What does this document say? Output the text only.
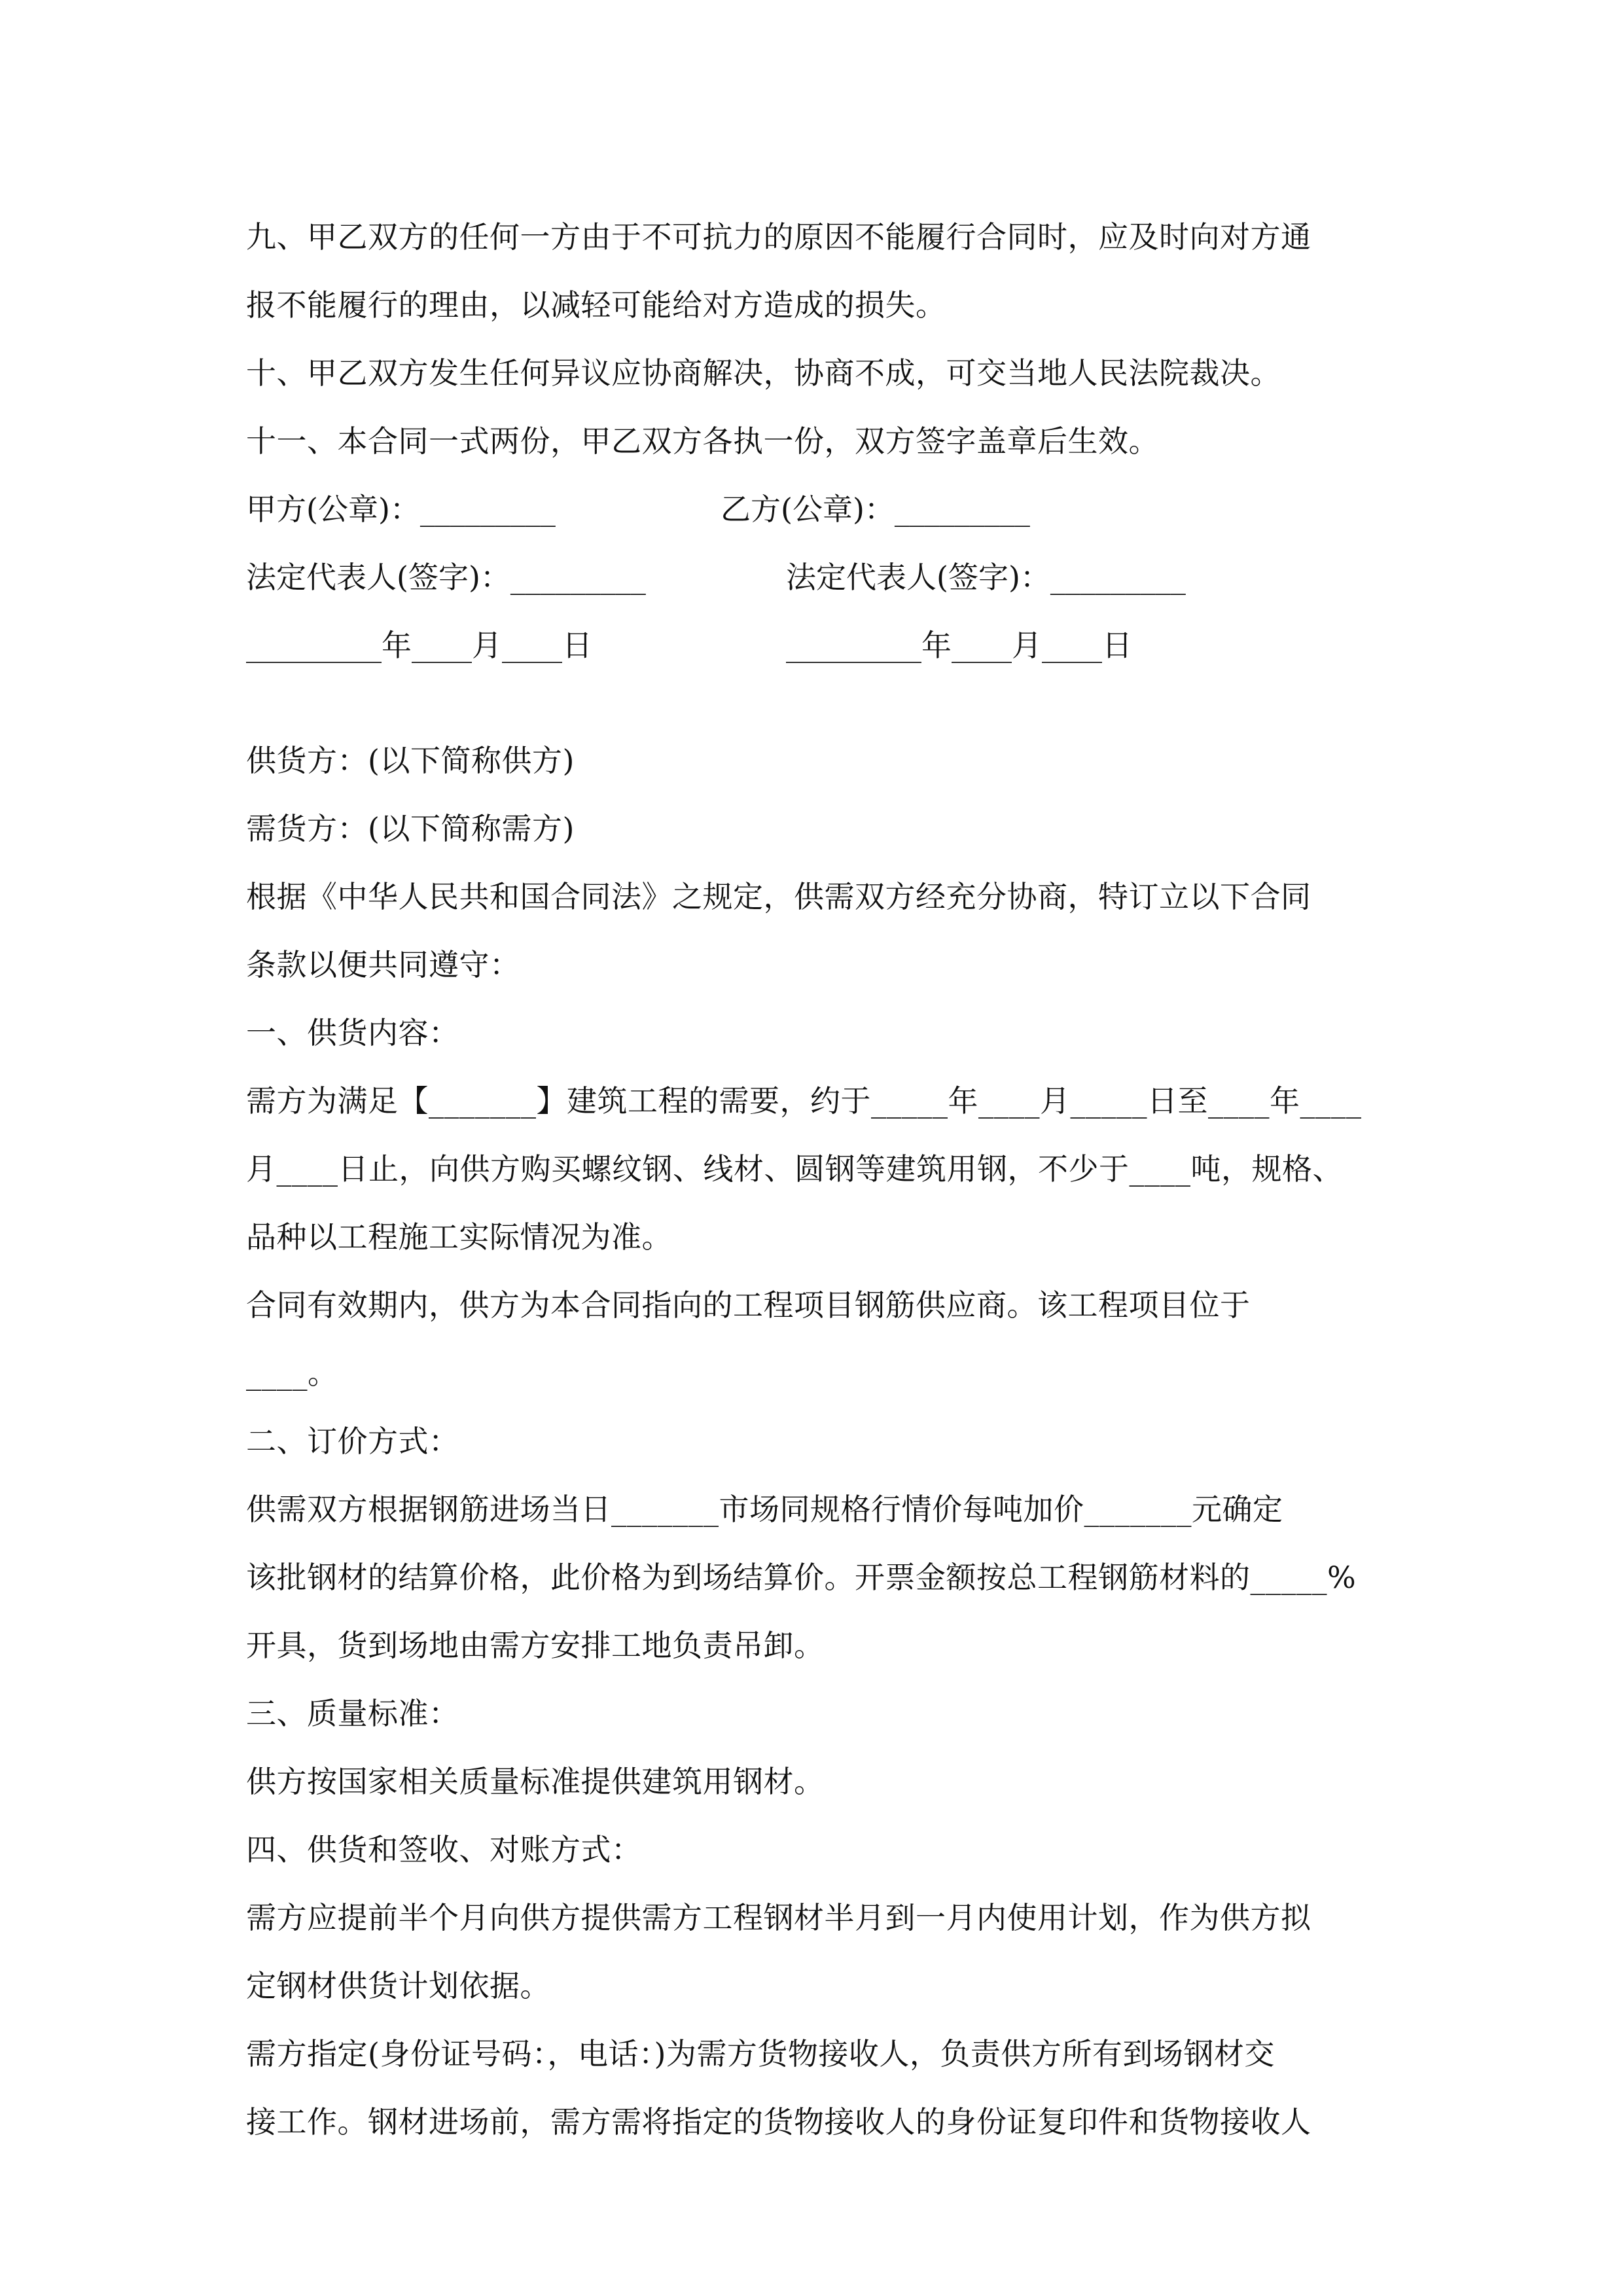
九、甲乙双方的任何一方由于不可抗力的原因不能履行合同时，应及时向对方通
报不能履行的理由，以减轻可能给对方造成的损失。
十、甲乙双方发生任何异议应协商解决，协商不成，可交当地人民法院裁决。
十一、本合同一式两份，甲乙双方各执一份，双方签字盖章后生效。
甲方(公章)：_________	乙方(公章)：_________
法定代表人(签字)：_________	法定代表人(签字)：_________
_________年____月____日	_________年____月____日
供货方：(以下简称供方)
需货方：(以下简称需方)
根据《中华人民共和国合同法》之规定，供需双方经充分协商，特订立以下合同
条款以便共同遵守：
一、供货内容：
需方为满足【_______】建筑工程的需要，约于_____年____月_____日至____年____
月____日止，向供方购买螺纹钢、线材、圆钢等建筑用钢，不少于____吨，规格、
品种以工程施工实际情况为准。
合同有效期内，供方为本合同指向的工程项目钢筋供应商。该工程项目位于
____。
二、订价方式：
供需双方根据钢筋进场当日_______市场同规格行情价每吨加价_______元确定
该批钢材的结算价格，此价格为到场结算价。开票金额按总工程钢筋材料的_____%
开具，货到场地由需方安排工地负责吊卸。
三、质量标准：
供方按国家相关质量标准提供建筑用钢材。
四、供货和签收、对账方式：
需方应提前半个月向供方提供需方工程钢材半月到一月内使用计划，作为供方拟
定钢材供货计划依据。
需方指定(身份证号码：，电话：)为需方货物接收人，负责供方所有到场钢材交
接工作。钢材进场前，需方需将指定的货物接收人的身份证复印件和货物接收人
